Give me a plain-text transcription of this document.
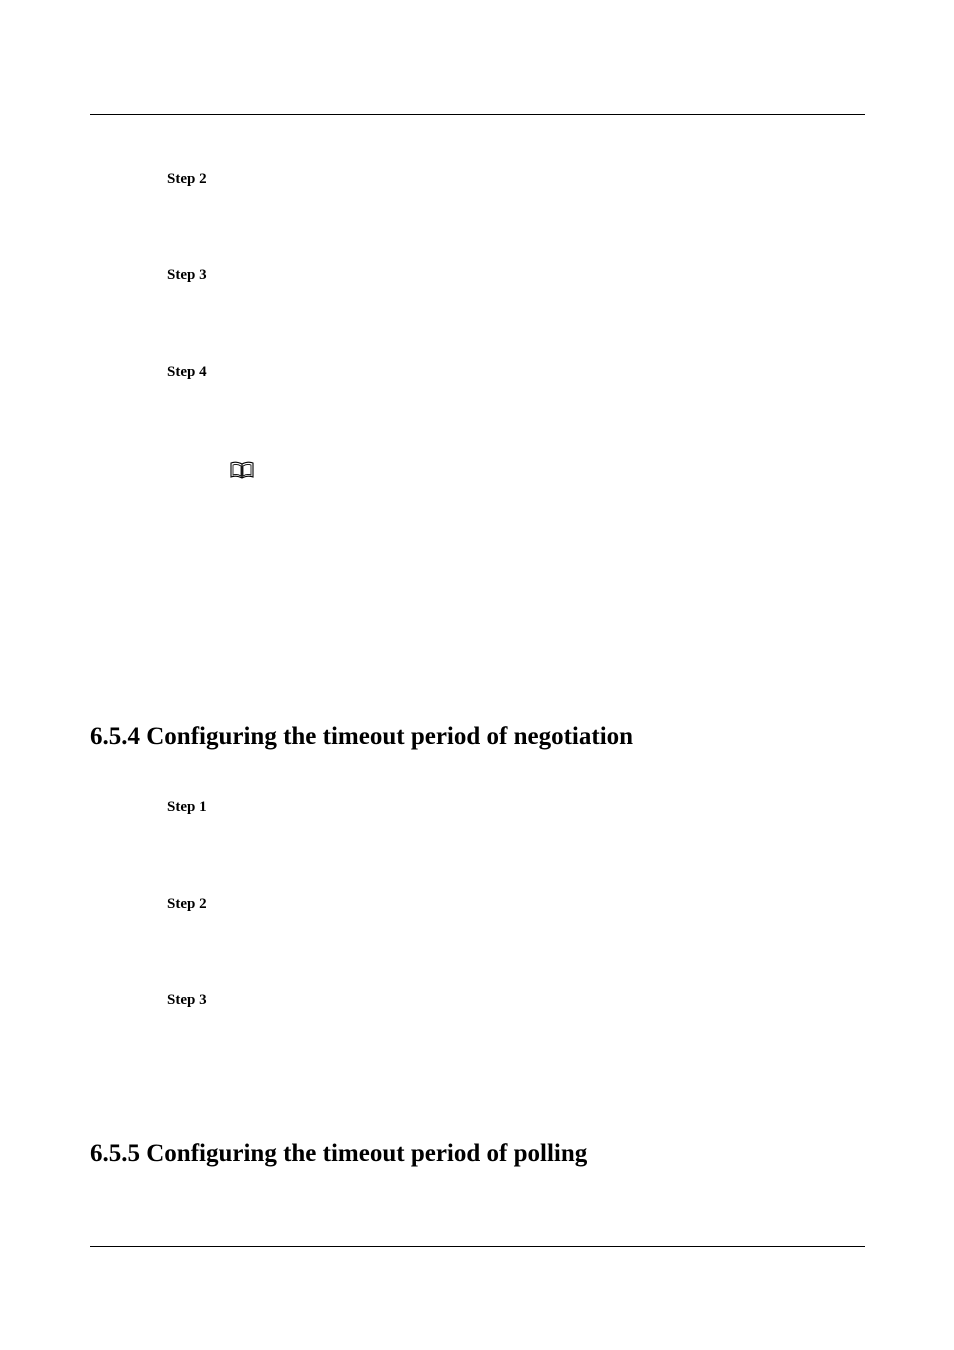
Step 2
Step 3
Step 4
6.5.4 Configuring the timeout period of negotiation
Step 1
Step 2
Step 3
6.5.5 Configuring the timeout period of polling
